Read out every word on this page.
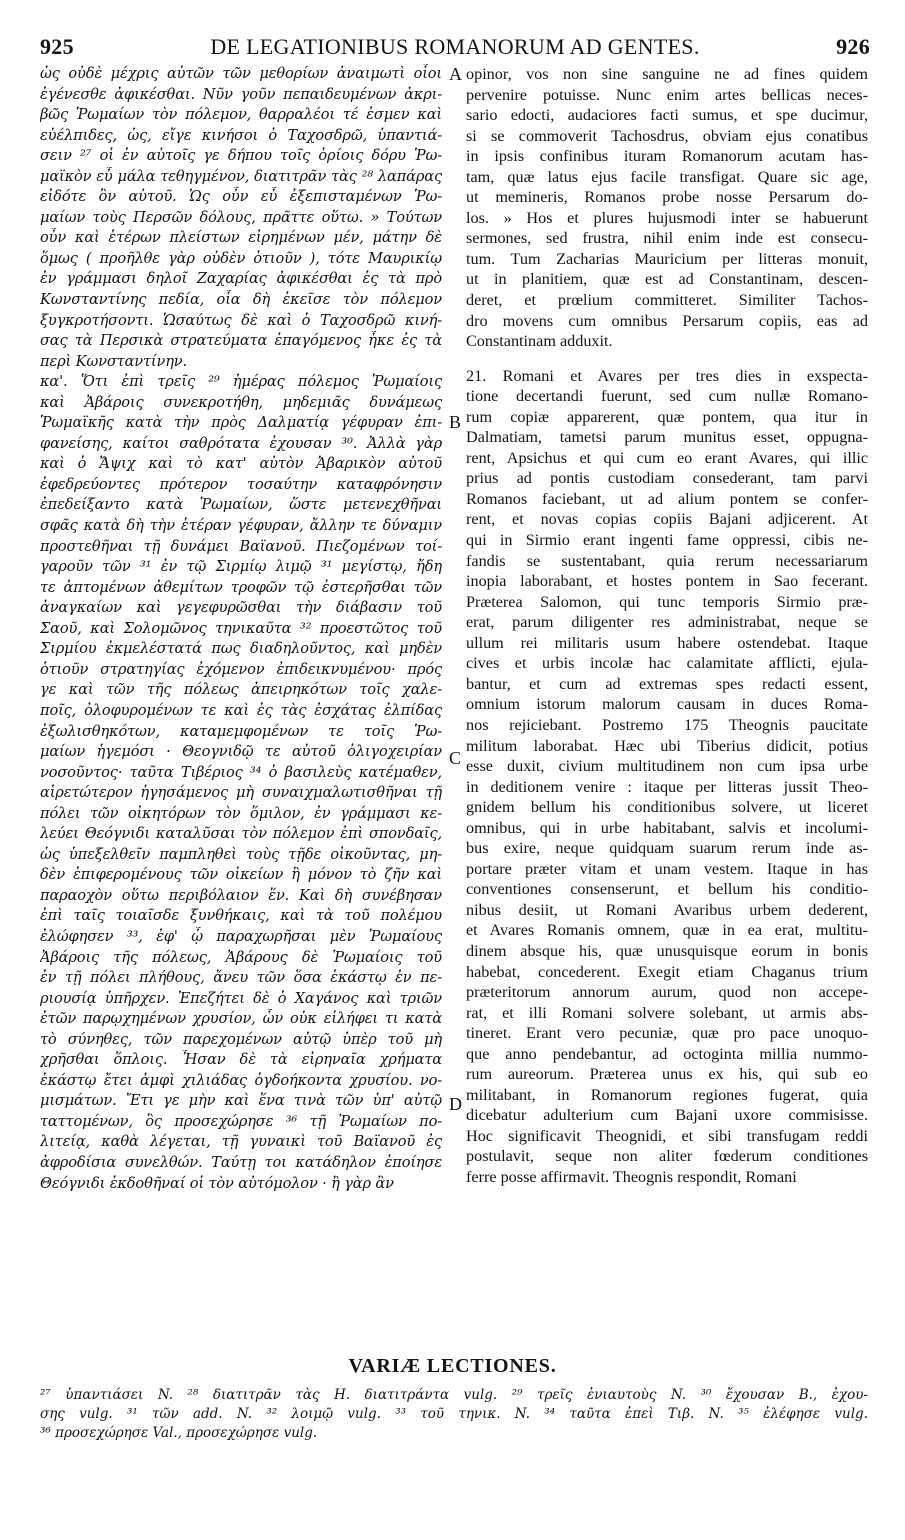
925	DE LEGATIONIBUS ROMANORUM AD GENTES.	926
ὡς οὐδὲ μέχρις αὐτῶν τῶν μεθορίων ἀναιμωτὶ οἷοι
ἐγένεσθε ἀφικέσθαι. Νῦν γοῦν πεπαιδευμένων ἀκρι-
βῶς Ῥωμαίων τὸν πόλεμον, θαρραλέοι τέ ἐσμεν καὶ
εὐέλπιδες, ὡς, εἴγε κινήσοι ὁ Ταχοσδρῶ, ὑπαντιά-
σειν ²⁷ οἱ ἐν αὐτοῖς γε δήπου τοῖς ὁρίοις δόρυ Ῥω-
μαϊκὸν εὖ μάλα τεθηγμένον, διατιτρᾶν τὰς ²⁸ λαπάρας
εἰδότε ὂν αὐτοῦ. Ὡς οὖν εὖ ἐξεπισταμένων Ῥω-
μαίων τοὺς Περσῶν δόλους, πρᾶττε οὕτω. » Τούτων
οὖν καὶ ἑτέρων πλείστων εἰρημένων μέν, μάτην δὲ
ὅμως ( προῆλθε γὰρ οὐδὲν ὁτιοῦν ), τότε Μαυρικίῳ
ἐν γράμμασι δηλοῖ Ζαχαρίας ἀφικέσθαι ἐς τὰ πρὸ
Κωνσταντίνης πεδία, οἷα δὴ ἐκεῖσε τὸν πόλεμον
ξυγκροτήσοντι. Ὡσαύτως δὲ καὶ ὁ Ταχοσδρῶ κινή-
σας τὰ Περσικὰ στρατεύματα ἐπαγόμενος ἧκε ἐς τὰ
περὶ Κωνσταντίνην.
κα'. Ὅτι ἐπὶ τρεῖς ²⁹ ἡμέρας πόλεμος Ῥωμαίοις
καὶ Ἀβάροις συνεκροτήθη, μηδεμιᾶς δυνάμεως
Ῥωμαϊκῆς κατὰ τὴν πρὸς Δαλματίᾳ γέφυραν ἐπι-
φανείσης, καίτοι σαθρότατα ἐχουσαν ³⁰. Ἀλλὰ γὰρ
καὶ ὁ Ἄψιχ καὶ τὸ κατ' αὐτὸν Ἀβαρικὸν αὐτοῦ
ἐφεδρεύοντες πρότερον τοσαύτην καταφρόνησιν
ἐπεδείξαντο κατὰ Ῥωμαίων, ὥστε μετενεχθῆναι
σφᾶς κατὰ δὴ τὴν ἑτέραν γέφυραν, ἄλλην τε δύναμιν
προστεθῆναι τῇ δυνάμει Βαϊανοῦ. Πιεζομένων τοί-
γαροῦν τῶν ³¹ ἐν τῷ Σιρμίῳ λιμῷ ³¹ μεγίστῳ, ἤδη
τε ἀπτομένων ἀθεμίτων τροφῶν τῷ ἐστερῆσθαι τῶν
ἀναγκαίων καὶ γεγεφυρῶσθαι τὴν διάβασιν τοῦ
Σαοῦ, καὶ Σολομῶνος τηνικαῦτα ³² προεστῶτος τοῦ
Σιρμίου ἐκμελέστατά πως διαδηλοῦντος, καὶ μηδὲν
ὁτιοῦν στρατηγίας ἐχόμενον ἐπιδεικνυμένου· πρός
γε καὶ τῶν τῆς πόλεως ἀπειρηκότων τοῖς χαλε-
ποῖς, ὀλοφυρομένων τε καὶ ἐς τὰς ἐσχάτας ἐλπίδας
ἐξωλισθηκότων, καταμεμφομένων τε τοῖς Ῥω-
μαίων ἡγεμόσι · Θεογνιδῷ τε αὐτοῦ ὀλιγοχειρίαν
νοσοῦντος· ταῦτα Τιβέριος ³⁴ ὁ βασιλεὺς κατέμαθεν,
αἱρετώτερον ἡγησάμενος μὴ συναιχμαλωτισθῆναι τῇ
πόλει τῶν οἰκητόρων τὸν ὅμιλον, ἐν γράμμασι κε-
λεύει Θεόγνιδι καταλῦσαι τὸν πόλεμον ἐπὶ σπονδαῖς,
ὡς ὑπεξελθεῖν παμπληθεὶ τοὺς τῇδε οἰκοῦντας, μη-
δὲν ἐπιφερομένους τῶν οἰκείων ἢ μόνον τὸ ζῆν καὶ
παραοχὸν οὕτω περιβόλαιον ἕν. Καὶ δὴ συνέβησαν
ἐπὶ ταῖς τοιαῖσδε ξυνθήκαις, καὶ τὰ τοῦ πολέμου
ἐλώφησεν ³³, ἐφ' ᾧ παραχωρῆσαι μὲν Ῥωμαίους
Ἀβάροις τῆς πόλεως, Ἀβάρους δὲ Ῥωμαίοις τοῦ
ἐν τῇ πόλει πλήθους, ἄνευ τῶν ὅσα ἑκάστῳ ἐν πε-
ριουσίᾳ ὑπῆρχεν. Ἐπεζήτει δὲ ὁ Χαγάνος καὶ τριῶν
ἐτῶν παρῳχημένων χρυσίον, ὧν οὐκ εἰλήφει τι κατὰ
τὸ σύνηθες, τῶν παρεχομένων αὐτῷ ὑπὲρ τοῦ μὴ
χρῆσθαι ὅπλοις. Ἦσαν δὲ τὰ εἰρηναῖα χρήματα
ἑκάστῳ ἔτει ἀμφὶ χιλιάδας ὀγδοήκοντα χρυσίου. νο-
μισμάτων. Ἔτι γε μὴν καὶ ἕνα τινὰ τῶν ὑπ' αὐτῷ
ταττομένων, ὃς προσεχώρησε ³⁶ τῇ Ῥωμαίων πο-
λιτείᾳ, καθὰ λέγεται, τῇ γυναικὶ τοῦ Βαϊανοῦ ἐς
ἀφροδίσια συνελθών. Ταύτῃ τοι κατάδηλον ἐποίησε
Θεόγνιδι ἐκδοθῆναί οἱ τὸν αὐτόμολον · ἢ γὰρ ἂν
opinor, vos non sine sanguine ne ad fines quidem
pervenire potuisse. Nunc enim artes bellicas neces-
sario edocti, audaciores facti sumus, et spe ducimur,
si se commoverit Tachosdrus, obviam ejus conatibus
in ipsis confinibus ituram Romanorum acutam has-
tam, quæ latus ejus facile transfigat. Quare sic age,
ut memineris, Romanos probe nosse Persarum do-
los. » Hos et plures hujusmodi inter se habuerunt
sermones, sed frustra, nihil enim inde est consecu-
tum. Tum Zacharias Mauricium per litteras monuit,
ut in planitiem, quæ est ad Constantinam, descen-
deret, et prœlium committeret. Similiter Tachos-
dro movens cum omnibus Persarum copiis, eas ad
Constantinam adduxit.
21. Romani et Avares per tres dies in exspecta-
tione decertandi fuerunt, sed cum nullæ Romano-
rum copiæ apparerent, quæ pontem, qua itur in
Dalmatiam, tametsi parum munitus esset, oppugna-
rent, Apsichus et qui cum eo erant Avares, qui illic
prius ad pontis custodiam consederant, tam parvi
Romanos faciebant, ut ad alium pontem se confer-
rent, et novas copias copiis Bajani adjicerent. At
qui in Sirmio erant ingenti fame oppressi, cibis ne-
fandis se sustentabant, quia rerum necessariarum
inopia laborabant, et hostes pontem in Sao fecerant.
Præterea Salomon, qui tunc temporis Sirmio præ-
erat, parum diligenter res administrabat, neque se
ullum rei militaris usum habere ostendebat. Itaque
cives et urbis incolæ hac calamitate afflicti, ejula-
bantur, et cum ad extremas spes redacti essent,
omnium istorum malorum causam in duces Roma-
nos rejiciebant. Postremo 175 Theognis paucitate
militum laborabat. Hæc ubi Tiberius didicit, potius
esse duxit, civium multitudinem non cum ipsa urbe
in deditionem venire : itaque per litteras jussit Theo-
gnidem bellum his conditionibus solvere, ut liceret
omnibus, qui in urbe habitabant, salvis et incolumi-
bus exire, neque quidquam suarum rerum inde as-
portare præter vitam et unam vestem. Itaque in has
conventiones consenserunt, et bellum his conditio-
nibus desiit, ut Romani Avaribus urbem dederent,
et Avares Romanis omnem, quæ in ea erat, multitu-
dinem absque his, quæ unusquisque eorum in bonis
habebat, concederent. Exegit etiam Chaganus trium
præteritorum annorum aurum, quod non accepe-
rat, et illi Romani solvere solebant, ut armis abs-
tineret. Erant vero pecuniæ, quæ pro pace unoquo-
que anno pendebantur, ad octoginta millia nummo-
rum aureorum. Præterea unus ex his, qui sub eo
militabant, in Romanorum regiones fugerat, quia
dicebatur adulterium cum Bajani uxore commisisse.
Hoc significavit Theognidi, et sibi transfugam reddi
postulavit, seque non aliter fœderum conditiones
ferre posse affirmavit. Theognis respondit, Romani
A
B
C
D
VARIÆ LECTIONES.
²⁷ ὑπαντιάσει N. ²⁸ διατιτρᾶν τὰς H. διατιτράντα vulg. ²⁹ τρεῖς ἐνιαυτοὺς N. ³⁰ ἔχουσαν B., ἐχου-
σης vulg. ³¹ τῶν add. N. ³² λοιμῷ vulg. ³³ τοῦ τηνικ. N. ³⁴ ταῦτα ἐπεὶ Τιβ. N. ³⁵ ἐλέφησε vulg.
³⁶ προσεχώρησε Val., προσεχώρησε vulg.
